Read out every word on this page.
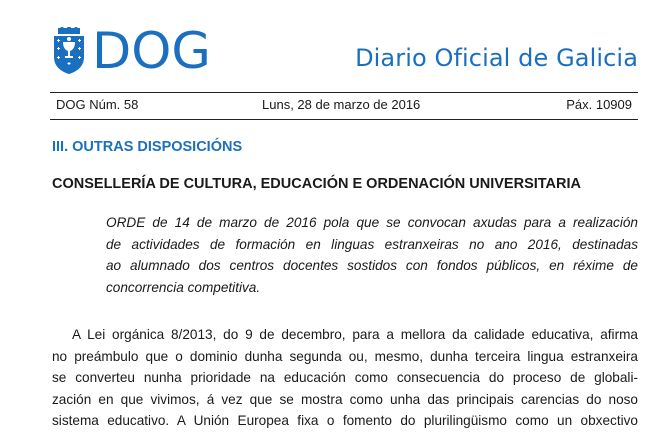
DOG	Diario Oficial de Galicia
DOG Núm. 58	Luns, 28 de marzo de 2016	Páx. 10909
III. OUTRAS DISPOSICIÓNS
CONSELLERÍA DE CULTURA, EDUCACIÓN E ORDENACIÓN UNIVERSITARIA
ORDE de 14 de marzo de 2016 pola que se convocan axudas para a realización
de actividades de formación en linguas estranxeiras no ano 2016, destinadas
ao alumnado dos centros docentes sostidos con fondos públicos, en réxime de
concorrencia competitiva.
A Lei orgánica 8/2013, do 9 de decembro, para a mellora da calidade educativa, afirma
no preámbulo que o dominio dunha segunda ou, mesmo, dunha terceira lingua estranxeira
se converteu nunha prioridade na educación como consecuencia do proceso de globali-
zación en que vivimos, á vez que se mostra como unha das principais carencias do noso
sistema educativo. A Unión Europea fixa o fomento do plurilingüismo como un obxectivo
